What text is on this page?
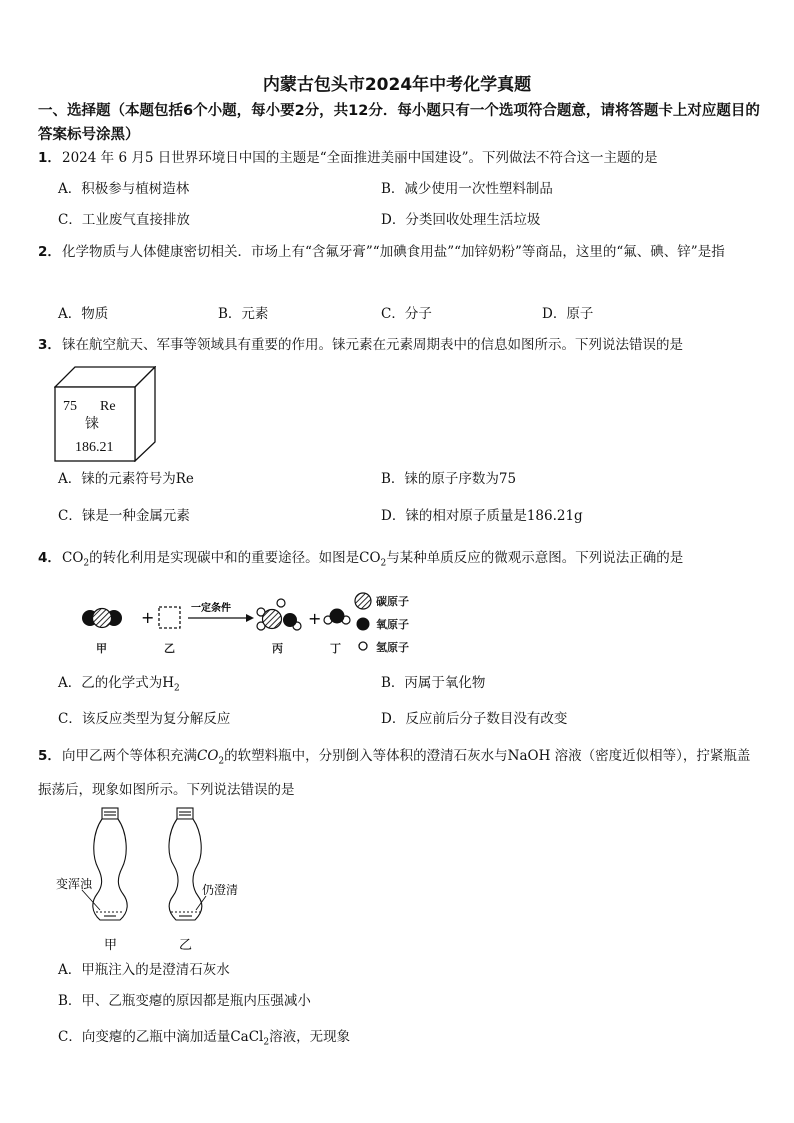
内蒙古包头市2024年中考化学真题
一、选择题（本题包括6个小题，每小要2分，共12分．每小题只有一个选项符合题意，请将答题卡上对应题目的答案标号涂黑）
1．2024 年 6 月5 日世界环境日中国的主题是“全面推进美丽中国建设”。下列做法不符合这一主题的是
A．积极参与植树造林	B．减少使用一次性塑料制品
C．工业废气直接排放	D．分类回收处理生活垃圾
2．化学物质与人体健康密切相关．市场上有“含氟牙膏”“加碘食用盐”“加锌奶粉”等商品，这里的“氟、碘、锌”是指
A．物质	B．元素	C．分子	D．原子
3．铼在航空航天、军事等领域具有重要的作用。铼元素在元素周期表中的信息如图所示。下列说法错误的是
75 Re
铼
186.21
A．铼的元素符号为Re	B．铼的原子序数为75
C．铼是一种金属元素	D．铼的相对原子质量是186.21g
4．$CO_2$的转化利用是实现碳中和的重要途径。如图是$CO_2$与某种单质反应的微观示意图。下列说法正确的是
+	一定条件
+
甲	乙	丙	丁
碳原子
氧原子
氢原子
A．乙的化学式为$H_2$	B．丙属于氧化物
C．该反应类型为复分解反应	D．反应前后分子数目没有改变
5．向甲乙两个等体积充满$CO_2$的软塑料瓶中，分别倒入等体积的澄清石灰水与NaOH 溶液（密度近似相等），拧紧瓶盖振荡后，现象如图所示。下列说法错误的是
变浑浊	仍澄清
甲	乙
A．甲瓶注入的是澄清石灰水
B．甲、乙瓶变瘪的原因都是瓶内压强减小
C．向变瘪的乙瓶中滴加适量CaCl$_2$溶液，无现象
